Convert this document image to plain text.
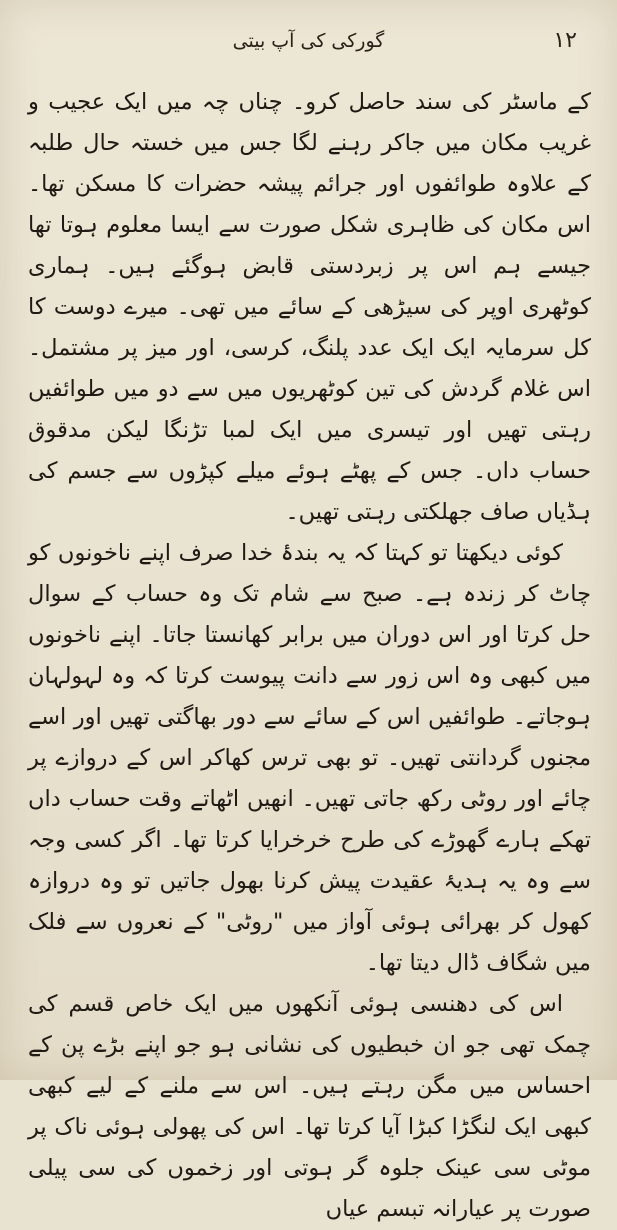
۱۲
گورکی کی آپ بیتی

کے ماسٹر کی سند حاصل کرو۔ چناں چہ میں ایک عجیب و غریب مکان میں جاکر رہنے لگا جس میں خستہ حال طلبہ کے علاوہ طوائفوں اور جرائم پیشہ حضرات کا مسکن تھا۔ اس مکان کی ظاہری شکل صورت سے ایسا معلوم ہوتا تھا جیسے ہم اس پر زبردستی قابض ہوگئے ہیں۔ ہماری کوٹھری اوپر کی سیڑھی کے سائے میں تھی۔ میرے دوست کا کل سرمایہ ایک ایک عدد پلنگ، کرسی، اور میز پر مشتمل۔ اس غلام گردش کی تین کوٹھریوں میں سے دو میں طوائفیں رہتی تھیں اور تیسری میں ایک لمبا تڑنگا لیکن مدقوق حساب داں۔ جس کے پھٹے ہوئے میلے کپڑوں سے جسم کی ہڈیاں صاف جھلکتی رہتی تھیں۔

کوئی دیکھتا تو کہتا کہ یہ بندۂ خدا صرف اپنے ناخونوں کو چاٹ کر زندہ ہے۔ صبح سے شام تک وہ حساب کے سوال حل کرتا اور اس دوران میں برابر کھانستا جاتا۔ اپنے ناخونوں میں کبھی وہ اس زور سے دانت پیوست کرتا کہ وہ لہولہان ہوجاتے۔ طوائفیں اس کے سائے سے دور بھاگتی تھیں اور اسے مجنوں گردانتی تھیں۔ تو بھی ترس کھاکر اس کے دروازے پر چائے اور روٹی رکھ جاتی تھیں۔ انھیں اٹھاتے وقت حساب داں تھکے ہارے گھوڑے کی طرح خرخرایا کرتا تھا۔ اگر کسی وجہ سے وہ یہ ہدیۂ عقیدت پیش کرنا بھول جاتیں تو وہ دروازہ کھول کر بھرائی ہوئی آواز میں "روٹی" کے نعروں سے فلک میں شگاف ڈال دیتا تھا۔

اس کی دھنسی ہوئی آنکھوں میں ایک خاص قسم کی چمک تھی جو ان خبطیوں کی نشانی ہو جو اپنے بڑے پن کے احساس میں مگن رہتے ہیں۔ اس سے ملنے کے لیے کبھی کبھی ایک لنگڑا کبڑا آیا کرتا تھا۔ اس کی پھولی ہوئی ناک پر موٹی سی عینک جلوہ گر ہوتی اور زخموں کی سی پیلی صورت پر عیارانہ تبسم عیاں
